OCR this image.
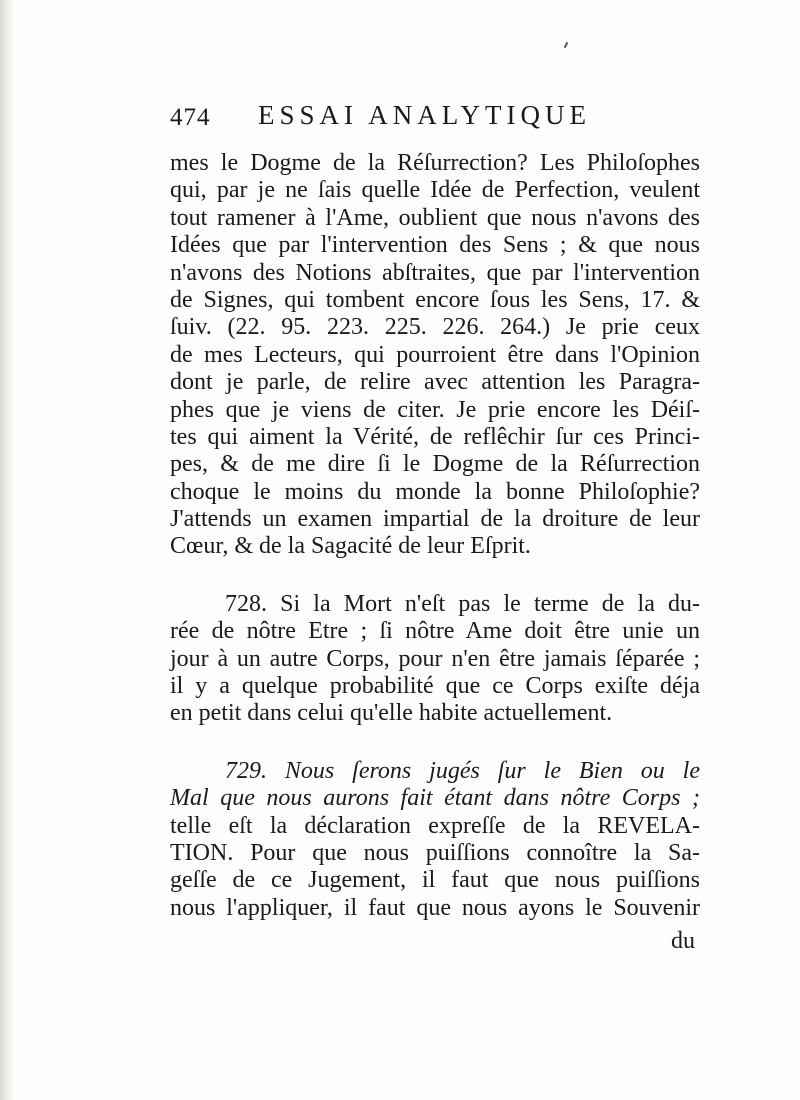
474 ESSAI ANALYTIQUE
mes le Dogme de la Réſurrection? Les Philoſophes
qui, par je ne ſais quelle Idée de Perfection, veulent
tout ramener à l'Ame, oublient que nous n'avons des
Idées que par l'intervention des Sens ; & que nous
n'avons des Notions abſtraites, que par l'intervention
de Signes, qui tombent encore ſous les Sens, 17. &
ſuiv. (22. 95. 223. 225. 226. 264.) Je prie ceux
de mes Lecteurs, qui pourroient être dans l'Opinion
dont je parle, de relire avec attention les Paragra-
phes que je viens de citer. Je prie encore les Déiſ-
tes qui aiment la Vérité, de reflêchir ſur ces Princi-
pes, & de me dire ſi le Dogme de la Réſurrection
choque le moins du monde la bonne Philoſophie?
J'attends un examen impartial de la droiture de leur
Cœur, & de la Sagacité de leur Eſprit.
728. Si la Mort n'eſt pas le terme de la du-
rée de nôtre Etre ; ſi nôtre Ame doit être unie un
jour à un autre Corps, pour n'en être jamais ſéparée ;
il y a quelque probabilité que ce Corps exiſte déja
en petit dans celui qu'elle habite actuellement.
729. Nous ſerons jugés ſur le Bien ou le
Mal que nous aurons fait étant dans nôtre Corps ;
telle eſt la déclaration expreſſe de la REVELA-
TION. Pour que nous puiſſions connoître la Sa-
geſſe de ce Jugement, il faut que nous puiſſions
nous l'appliquer, il faut que nous ayons le Souvenir
du
